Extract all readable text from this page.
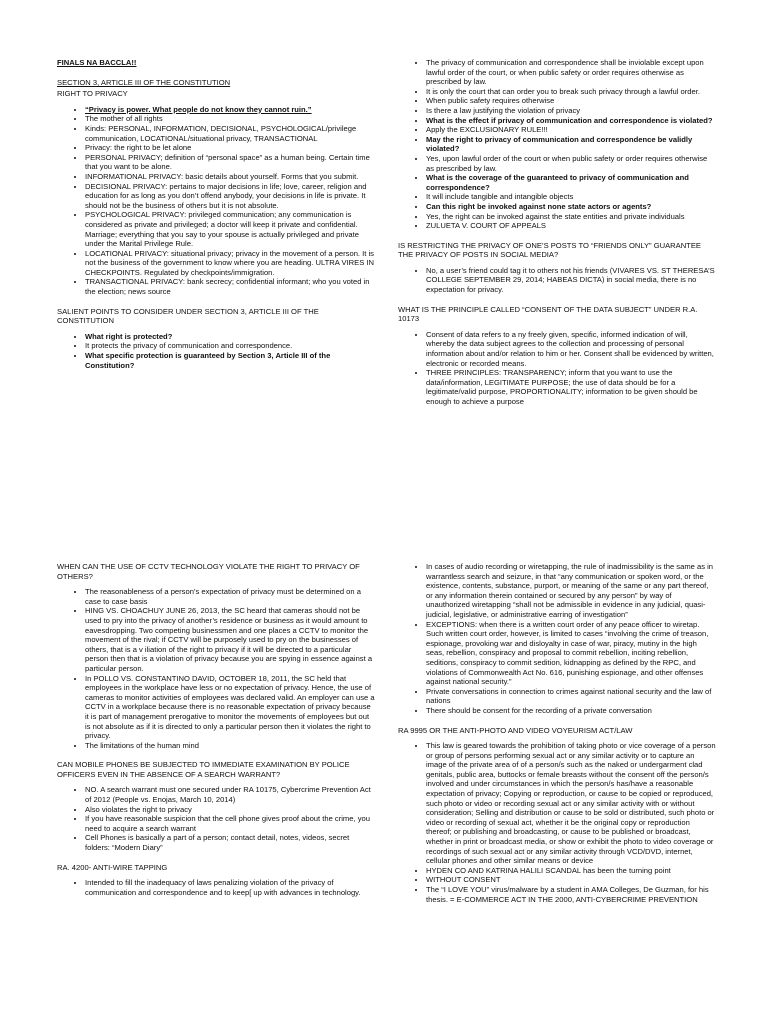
FINALS NA BACCLA!!
SECTION 3, ARTICLE III OF THE CONSTITUTION
RIGHT TO PRIVACY
• “Privacy is power. What people do not know they cannot ruin.”
• The mother of all rights
• Kinds: PERSONAL, INFORMATION, DECISIONAL, PSYCHOLOGICAL/privilege communication, LOCATIONAL/situational privacy, TRANSACTIONAL
• Privacy: the right to be let alone
• PERSONAL PRIVACY; definition of “personal space” as a human being. Certain time that you want to be alone.
• INFORMATIONAL PRIVACY: basic details about yourself. Forms that you submit.
• DECISIONAL PRIVACY: pertains to major decisions in life; love, career, religion and education for as long as you don’t offend anybody, your decisions in life is private. It should not be the business of others but it is not absolute.
• PSYCHOLOGICAL PRIVACY: privileged communication; any communication is considered as private and privileged; a doctor will keep it private and confidential. Marriage; everything that you say to your spouse is actually privileged and private under the Marital Privilege Rule.
• LOCATIONAL PRIVACY: situational privacy; privacy in the movement of a person. It is not the business of the government to know where you are heading. ULTRA VIRES IN CHECKPOINTS. Regulated by checkpoints/immigration.
• TRANSACTIONAL PRIVACY: bank secrecy; confidential informant; who you voted in the election; news source
SALIENT POINTS TO CONSIDER UNDER SECTION 3, ARTICLE III OF THE CONSTITUTION
• What right is protected?
• It protects the privacy of communication and correspondence.
• What specific protection is guaranteed by Section 3, Article III of the Constitution?
• The privacy of communication and correspondence shall be inviolable except upon lawful order of the court, or when public safety or order requires otherwise as prescribed by law.
• It is only the court that can order you to break such privacy through a lawful order.
• When public safety requires otherwise
• Is there a law justifying the violation of privacy
• What is the effect if privacy of communication and correspondence is violated?
• Apply the EXCLUSIONARY RULE!!!
• May the right to privacy of communication and correspondence be validly violated?
• Yes, upon lawful order of the court or when public safety or order requires otherwise as prescribed by law.
• What is the coverage of the guaranteed to privacy of communication and correspondence?
• It will include tangible and intangible objects
• Can this right be invoked against none state actors or agents?
• Yes, the right can be invoked against the state entities and private individuals
• ZULUETA V. COURT OF APPEALS
IS RESTRICTING THE PRIVACY OF ONE’S POSTS TO “FRIENDS ONLY” GUARANTEE THE PRIVACY OF POSTS IN SOCIAL MEDIA?
• No, a user’s friend could tag it to others not his friends (VIVARES VS. ST THERESA’S COLLEGE SEPTEMBER 29, 2014; HABEAS DICTA) in social media, there is no expectation for privacy.
WHAT IS THE PRINCIPLE CALLED “CONSENT OF THE DATA SUBJECT” UNDER R.A. 10173
• Consent of data refers to a ny freely given, specific, informed indication of will, whereby the data subject agrees to the collection and processing of personal information about and/or relation to him or her. Consent shall be evidenced by written, electronic or recorded means.
• THREE PRINCIPLES: TRANSPARENCY; inform that you want to use the data/information, LEGITIMATE PURPOSE; the use of data should be for a legitimate/valid purpose, PROPORTIONALITY; information to be given should be enough to achieve a purpose
WHEN CAN THE USE OF CCTV TECHNOLOGY VIOLATE THE RIGHT TO PRIVACY OF OTHERS?
• The reasonableness of a person’s expectation of privacy must be determined on a case to case basis
• HING VS. CHOACHUY JUNE 26, 2013, the SC heard that cameras should not be used to pry into the privacy of another’s residence or business as it would amount to eavesdropping. Two competing businessmen and one places a CCTV to monitor the movement of the rival; if CCTV will be purposely used to pry on the businesses of others, that is a v iliation of the right to privacy if it will be directed to a particular person then that is a violation of privacy because you are spying in essence against a particular person.
• In POLLO VS. CONSTANTINO DAVID, OCTOBER 18, 2011, the SC held that employees in the workplace have less or no expectation of privacy. Hence, the use of cameras to monitor activities of employees was declared valid. An employer can use a CCTV in a workplace because there is no reasonable expectation of privacy because it is part of management prerogative to monitor the movements of employees but out is not absolute as if it is directed to only a particular person then it violates the right to privacy.
• The limitations of the human mind
CAN MOBILE PHONES BE SUBJECTED TO IMMEDIATE EXAMINATION BY POLICE OFFICERS EVEN IN THE ABSENCE OF A SEARCH WARRANT?
• NO. A search warrant must one secured under RA 10175, Cybercrime Prevention Act of 2012 (People vs. Enojas, March 10, 2014)
• Also violates the right to privacy
• If you have reasonable suspicion that the cell phone gives proof about the crime, you need to acquire a search warrant
• Cell Phones is basically a part of a person; contact detail, notes, videos, secret folders: “Modern Diary”
RA. 4200- ANTI-WIRE TAPPING
• Intended to fill the inadequacy of laws penalizing violation of the privacy of communication and correspondence and to keep[ up with advances in technology.
• In cases of audio recording or wiretapping, the rule of inadmissibility is the same as in warrantless search and seizure, in that “any communication or spoken word, or the existence, contents, substance, purport, or meaning of the same or any part thereof, or any information therein contained or secured by any person” by way of unauthorized wiretapping “shall not be admissible in evidence in any judicial, quasi-judicial, legislative, or administrative earring of investigation”
• EXCEPTIONS: when there is a written court order of any peace officer to wiretap. Such written court order, however, is limited to cases “involving the crime of treason, espionage, provoking war and disloyalty in case of war, piracy, mutiny in the high seas, rebellion, conspiracy and proposal to commit rebellion, inciting rebellion, seditions, conspiracy to commit sedition, kidnapping as defined by the RPC, and violations of Commonwealth Act No. 616, punishing espionage, and other offenses against national security.”
• Private conversations in connection to crimes against national security and the law of nations
• There should be consent for the recording of a private conversation
RA 9995 OR THE ANTI-PHOTO AND VIDEO VOYEURISM ACT/LAW
• This law is geared towards the prohibition of taking photo or vice coverage of a person or group of persons performing sexual act or any similar activity or to capture an image of the private area of of a person/s such as the naked or undergarment clad genitals, public area, buttocks or female breasts without the consent off the person/s involved and under circumstances in which the person/s has/have a reasonable expectation of privacy; Copying or reproduction, or cause to be copied or reproduced, such photo or video or recording sexual act or any similar activity with or without consideration; Selling and distribution or cause to be sold or distributed, such photo or video or recording of sexual act, whether it be the original copy or reproduction thereof; or publishing and broadcasting, or cause to be published or broadcast, whether in print or broadcast media, or show or exhibit the photo to video coverage or recordings of such sexual act or any similar activity through VCD/DVD, internet, cellular phones and other similar means or device
• HYDEN CO AND KATRINA HALILI SCANDAL has been the turning point
• WITHOUT CONSENT
• The “I LOVE YOU” virus/malware by a student in AMA Colleges, De Guzman, for his thesis. = E-COMMERCE ACT IN THE 2000, ANTI-CYBERCRIME PREVENTION
